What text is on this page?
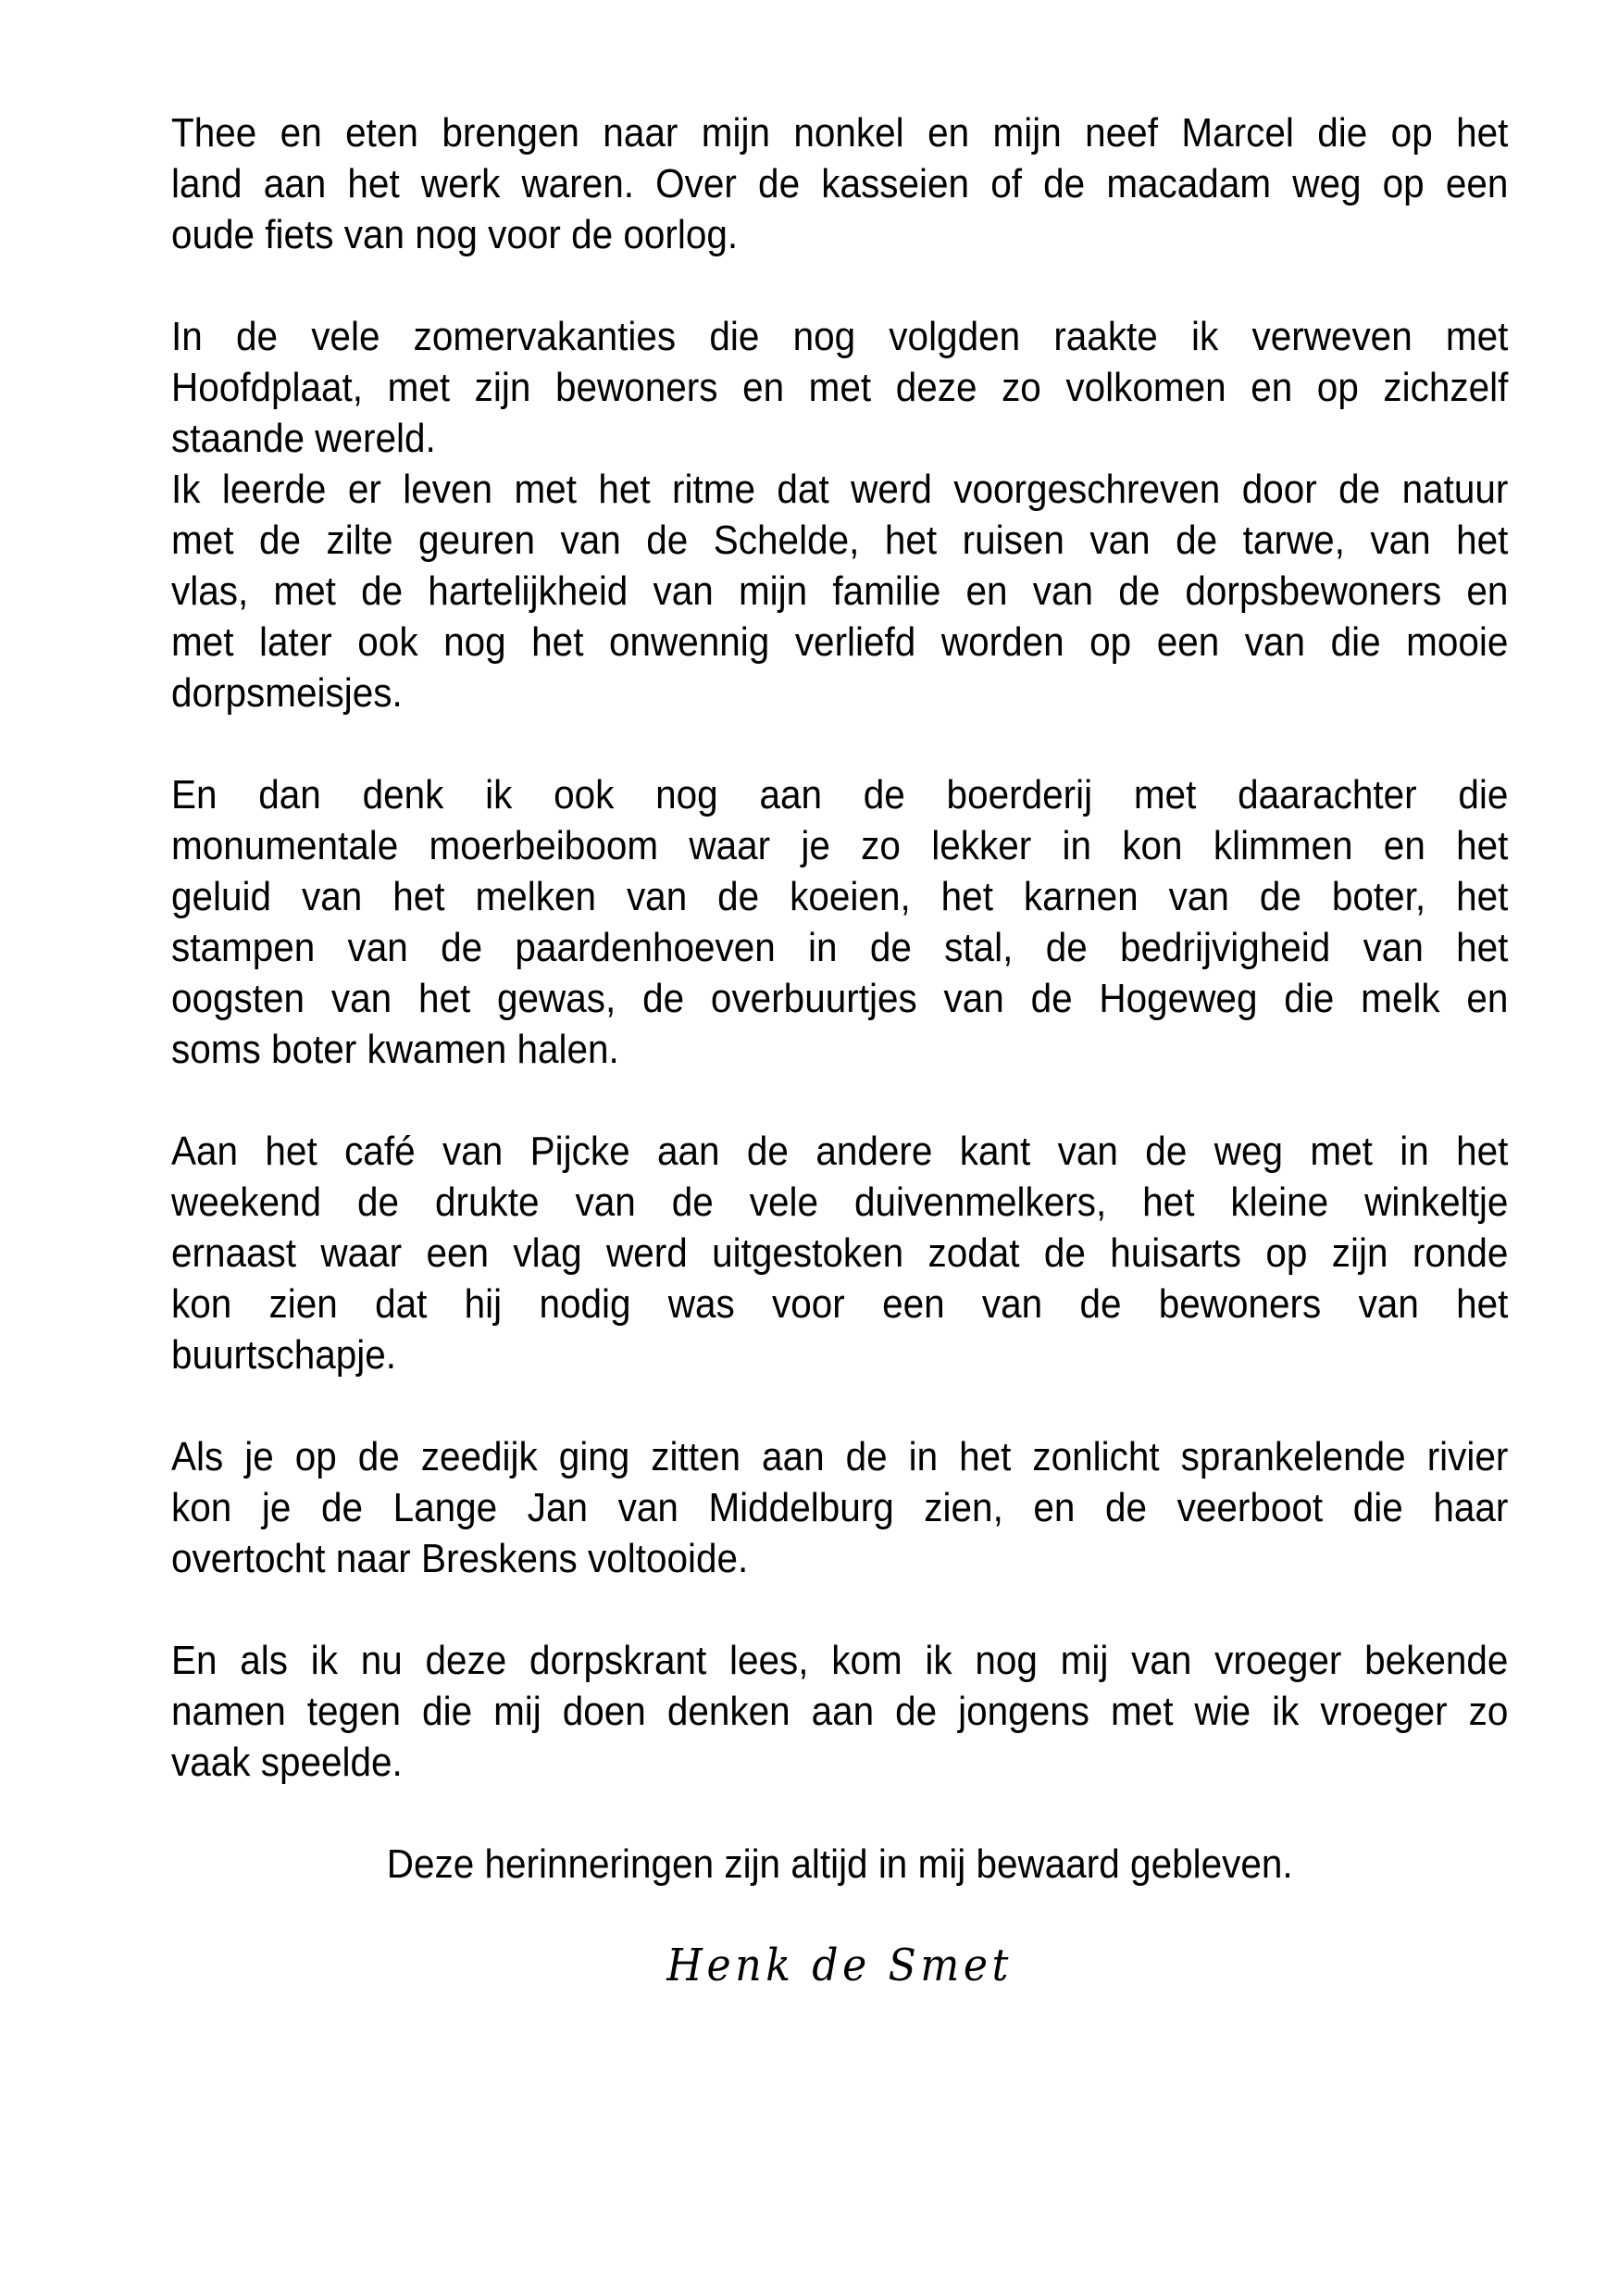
Thee en eten brengen naar mijn nonkel en mijn neef Marcel die op het
land aan het werk waren. Over de kasseien of de macadam weg op een
oude fiets van nog voor de oorlog.
In de vele zomervakanties die nog volgden raakte ik verweven met
Hoofdplaat, met zijn bewoners en met deze zo volkomen en op zichzelf
staande wereld.
Ik leerde er leven met het ritme dat werd voorgeschreven door de natuur
met de zilte geuren van de Schelde, het ruisen van de tarwe, van het
vlas, met de hartelijkheid van mijn familie en van de dorpsbewoners en
met later ook nog het onwennig verliefd worden op een van die mooie
dorpsmeisjes.
En dan denk ik ook nog aan de boerderij met daarachter die
monumentale moerbeiboom waar je zo lekker in kon klimmen en het
geluid van het melken van de koeien, het karnen van de boter, het
stampen van de paardenhoeven in de stal, de bedrijvigheid van het
oogsten van het gewas, de overbuurtjes van de Hogeweg die melk en
soms boter kwamen halen.
Aan het café van Pijcke aan de andere kant van de weg met in het
weekend de drukte van de vele duivenmelkers, het kleine winkeltje
ernaast waar een vlag werd uitgestoken zodat de huisarts op zijn ronde
kon zien dat hij nodig was voor een van de bewoners van het
buurtschapje.
Als je op de zeedijk ging zitten aan de in het zonlicht sprankelende rivier
kon je de Lange Jan van Middelburg zien, en de veerboot die haar
overtocht naar Breskens voltooide.
En als ik nu deze dorpskrant lees, kom ik nog mij van vroeger bekende
namen tegen die mij doen denken aan de jongens met wie ik vroeger zo
vaak speelde.
Deze herinneringen zijn altijd in mij bewaard gebleven.
Henk de Smet
